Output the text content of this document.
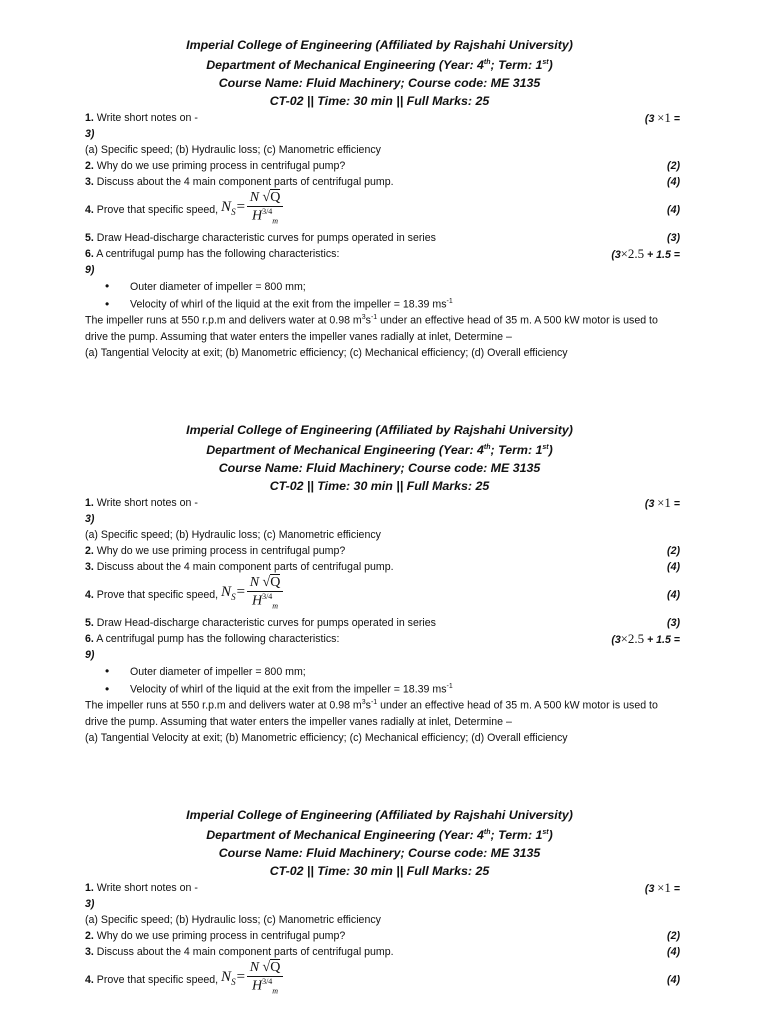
Imperial College of Engineering (Affiliated by Rajshahi University)
Department of Mechanical Engineering (Year: 4th; Term: 1st)
Course Name: Fluid Machinery; Course code: ME 3135
CT-02 || Time: 30 min || Full Marks: 25
1. Write short notes on -	(3 ×1 =
3)
(a) Specific speed; (b) Hydraulic loss; (c) Manometric efficiency
2. Why do we use priming process in centrifugal pump?	(2)
3. Discuss about the 4 main component parts of centrifugal pump.	(4)
4. Prove that specific speed, $N_S= \frac{N √Q}{H^{3/4}_m}$	(4)
5. Draw Head-discharge characteristic curves for pumps operated in series	(3)
6. A centrifugal pump has the following characteristics:	(3×2.5 + 1.5 =
9)
• Outer diameter of impeller = 800 mm;
• Velocity of whirl of the liquid at the exit from the impeller = 18.39 $ms^{-1}$
The impeller runs at 550 r.p.m and delivers water at 0.98 $m^3s^{-1}$ under an effective head of 35 m. A 500 kW motor is used to drive the pump. Assuming that water enters the impeller vanes radially at inlet, Determine –
(a) Tangential Velocity at exit; (b) Manometric efficiency; (c) Mechanical efficiency; (d) Overall efficiency
Imperial College of Engineering (Affiliated by Rajshahi University)
Department of Mechanical Engineering (Year: 4th; Term: 1st)
Course Name: Fluid Machinery; Course code: ME 3135
CT-02 || Time: 30 min || Full Marks: 25
1. Write short notes on -	(3 ×1 =
3)
(a) Specific speed; (b) Hydraulic loss; (c) Manometric efficiency
2. Why do we use priming process in centrifugal pump?	(2)
3. Discuss about the 4 main component parts of centrifugal pump.	(4)
4. Prove that specific speed, $N_S= \frac{N √Q}{H^{3/4}_m}$	(4)
5. Draw Head-discharge characteristic curves for pumps operated in series	(3)
6. A centrifugal pump has the following characteristics:	(3×2.5 + 1.5 =
9)
• Outer diameter of impeller = 800 mm;
• Velocity of whirl of the liquid at the exit from the impeller = 18.39 $ms^{-1}$
The impeller runs at 550 r.p.m and delivers water at 0.98 $m^3s^{-1}$ under an effective head of 35 m. A 500 kW motor is used to drive the pump. Assuming that water enters the impeller vanes radially at inlet, Determine –
(a) Tangential Velocity at exit; (b) Manometric efficiency; (c) Mechanical efficiency; (d) Overall efficiency
Imperial College of Engineering (Affiliated by Rajshahi University)
Department of Mechanical Engineering (Year: 4th; Term: 1st)
Course Name: Fluid Machinery; Course code: ME 3135
CT-02 || Time: 30 min || Full Marks: 25
1. Write short notes on -	(3 ×1 =
3)
(a) Specific speed; (b) Hydraulic loss; (c) Manometric efficiency
2. Why do we use priming process in centrifugal pump?	(2)
3. Discuss about the 4 main component parts of centrifugal pump.	(4)
4. Prove that specific speed, $N_S= \frac{N √Q}{H^{3/4}_m}$	(4)
